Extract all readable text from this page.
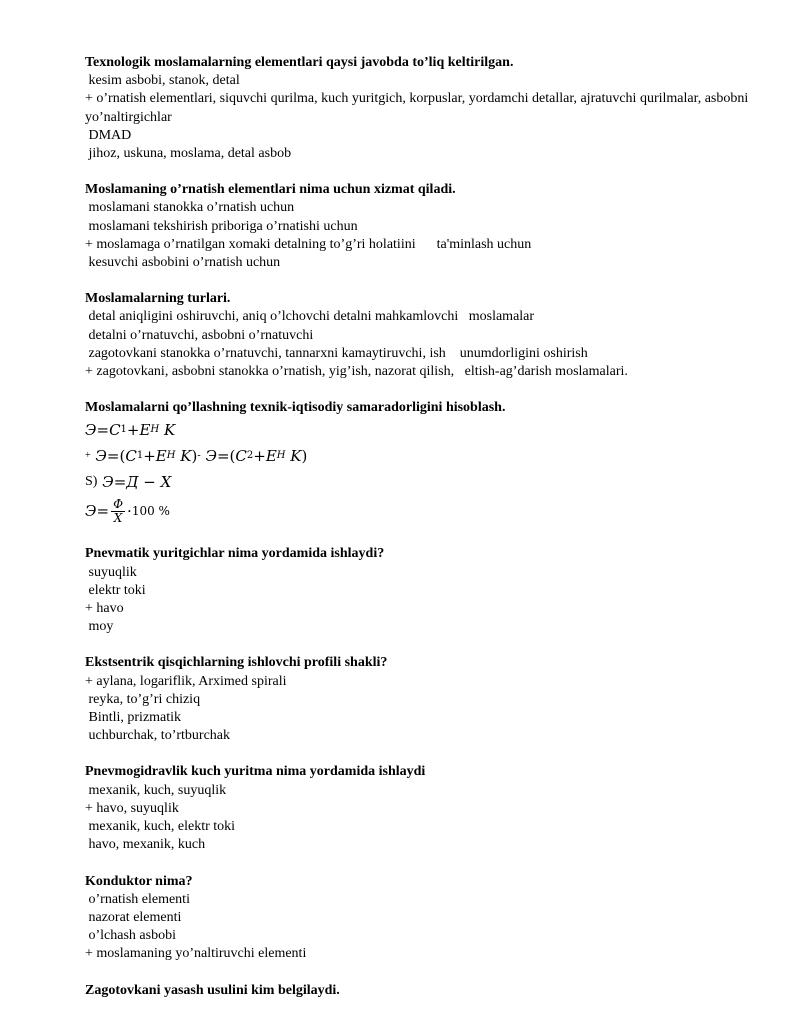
Texnologik moslamalarning elementlari qaysi javobda to’liq keltirilgan.
kesim asbobi, stanok, detal
+ o’rnatish elementlari, siquvchi qurilma, kuch yuritgich, korpuslar, yordamchi detallar, ajratuvchi qurilmalar, asbobni     yo’naltirgichlar
DMAD
jihoz, uskuna, moslama, detal asbob
Moslamaning o’rnatish elementlari nima uchun xizmat qiladi.
moslamani stanokka o’rnatish uchun
moslamani tekshirish priboriga o’rnatishi uchun
+ moslamaga o’rnatilgan xomaki detalning to’g’ri holatiini      ta'minlash uchun
kesuvchi asbobini o’rnatish uchun
Moslamalarning turlari.
detal aniqligini oshiruvchi, aniq o’lchovchi detalni mahkamlovchi   moslamalar
detalni o’rnatuvchi, asbobni o’rnatuvchi
zagotovkani stanokka o’rnatuvchi, tannarxni kamaytiruvchi, ish    unumdorligini oshirish
+ zagotovkani, asbobni stanokka o’rnatish, yig’ish, nazorat qilish,   eltish-ag’darish moslamalari.
Moslamalarni qo’llashning texnik-iqtisodiy samaradorligini hisoblash.
Э = C 1 + E H
K
+
Э = ( C 1 + E H
K ) -
Э = ( C 2 + E H
K )
S)
Э = Д
−
X
$Э = \frac{Ф}{X} \cdot 100$ %
Pnevmatik yuritgichlar nima yordamida ishlaydi?
suyuqlik
elektr toki
+ havo
moy
Ekstsentrik qisqichlarning ishlovchi profili shakli?
+ aylana, logariflik, Arximed spirali
reyka, to’g’ri chiziq
Bintli, prizmatik
uchburchak, to’rtburchak
Pnevmogidravlik kuch yuritma nima yordamida ishlaydi
mexanik, kuch, suyuqlik
+ havo, suyuqlik
mexanik, kuch, elektr toki
havo, mexanik, kuch
Konduktor nima?
o’rnatish elementi
nazorat elementi
o’lchash asbobi
+ moslamaning yo’naltiruvchi elementi
Zagotovkani yasash usulini kim belgilaydi.
